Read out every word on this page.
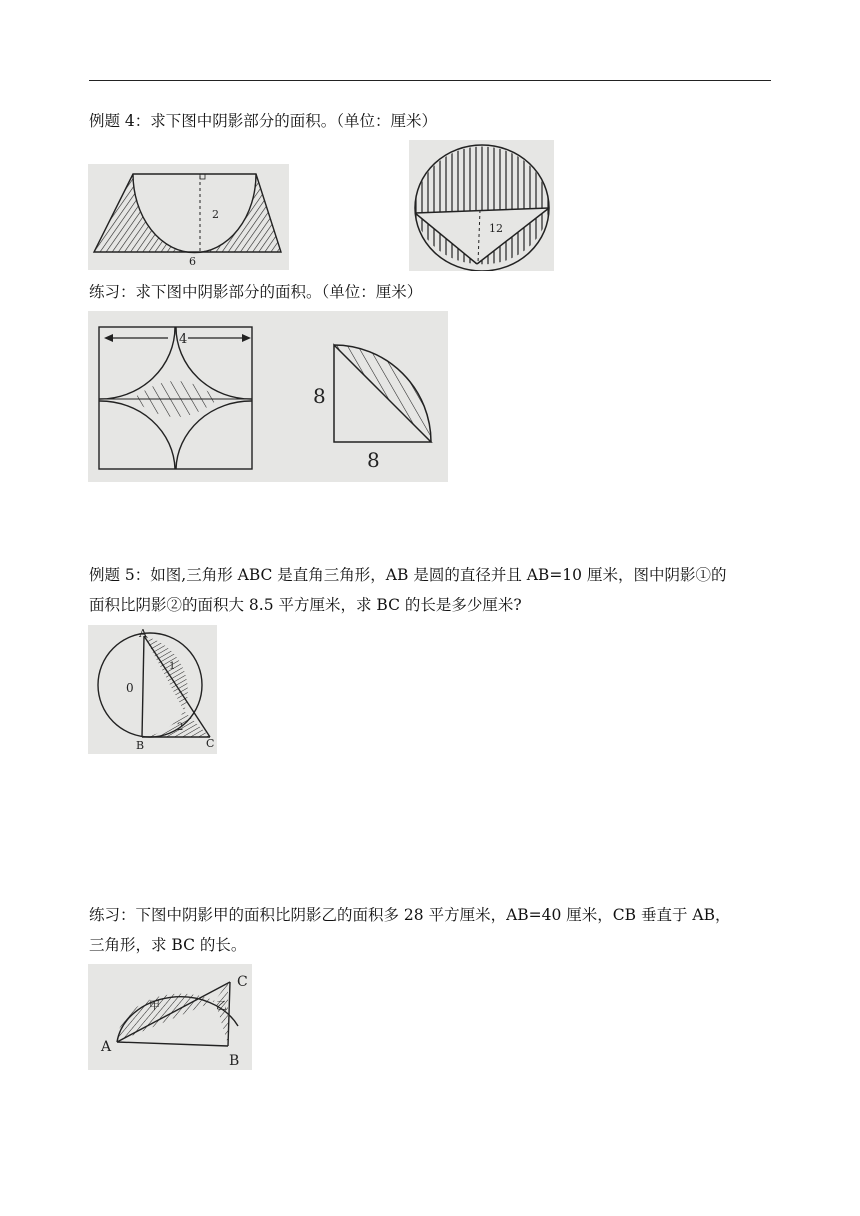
例题 4：求下图中阴影部分的面积。（单位：厘米）
2
6
12
练习：求下图中阴影部分的面积。（单位：厘米）
4
8
8
例题 5：如图,三角形 ABC 是直角三角形，AB 是圆的直径并且 AB=10 厘米，图中阴影①的
面积比阴影②的面积大 8.5 平方厘米，求 BC 的长是多少厘米?
A
B	C
0
1
2
练习：下图中阴影甲的面积比阴影乙的面积多 28 平方厘米，AB=40 厘米，CB 垂直于 AB，
三角形，求 BC 的长。
A
B
C
甲	乙
